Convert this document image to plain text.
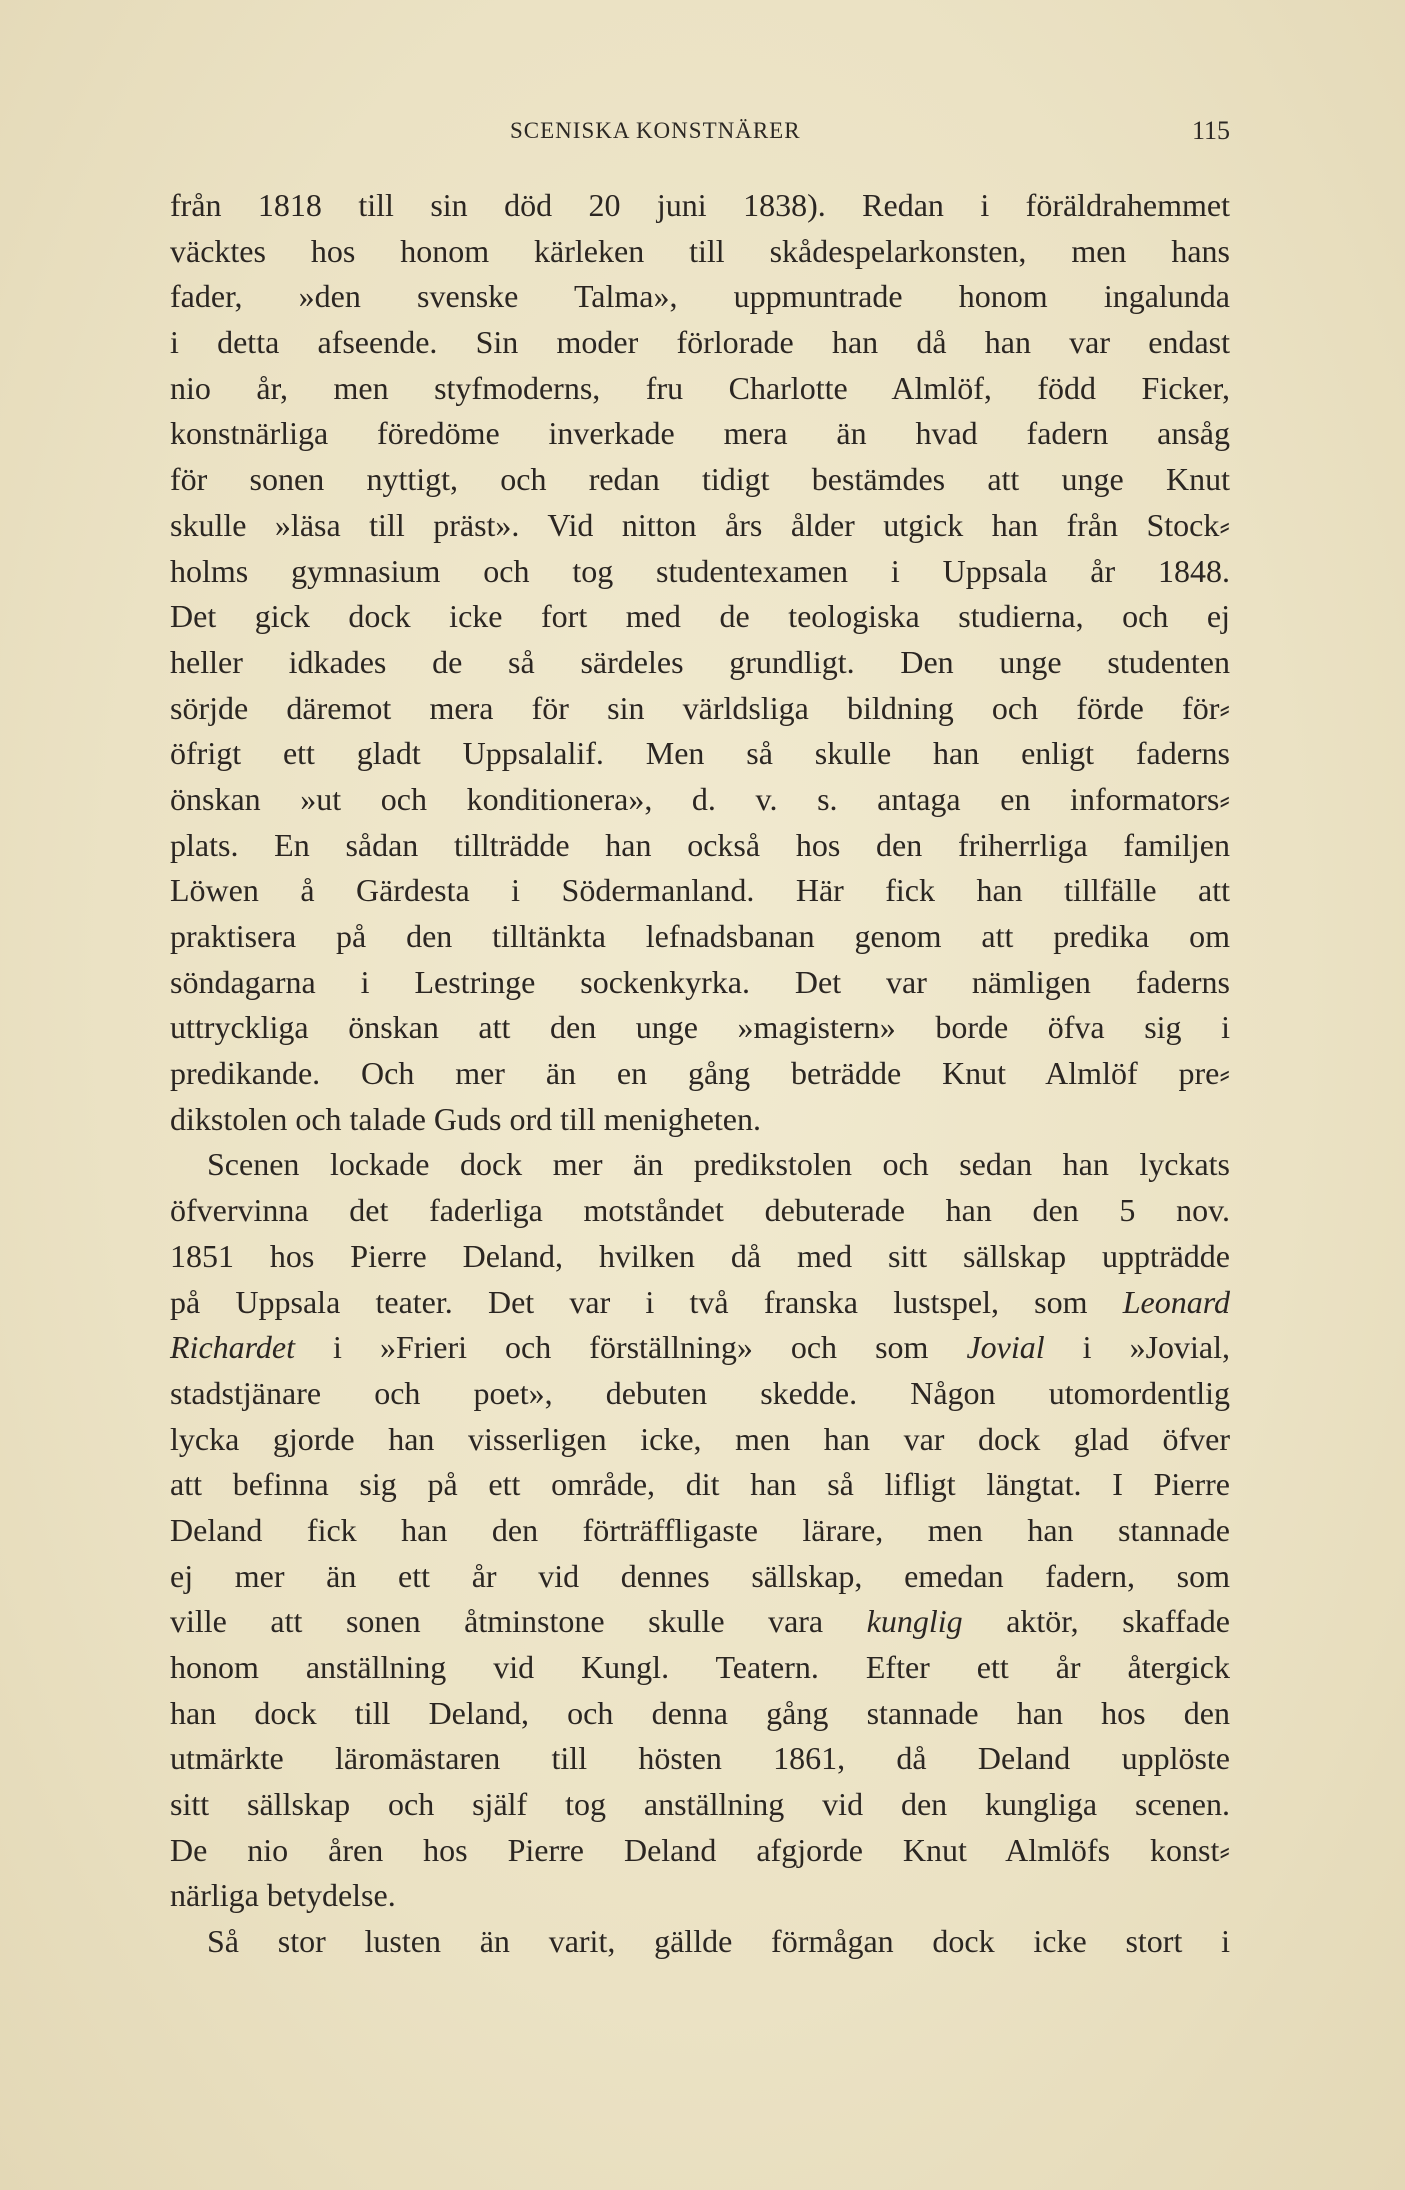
SCENISKA KONSTNÄRER	115

från 1818 till sin död 20 juni 1838). Redan i föräldrahemmet
väcktes hos honom kärleken till skådespelarkonsten, men hans
fader, »den svenske Talma», uppmuntrade honom ingalunda
i detta afseende. Sin moder förlorade han då han var endast
nio år, men styfmoderns, fru Charlotte Almlöf, född Ficker,
konstnärliga föredöme inverkade mera än hvad fadern ansåg
för sonen nyttigt, och redan tidigt bestämdes att unge Knut
skulle »läsa till präst». Vid nitton års ålder utgick han från Stock⸗
holms gymnasium och tog studentexamen i Uppsala år 1848.
Det gick dock icke fort med de teologiska studierna, och ej
heller idkades de så särdeles grundligt. Den unge studenten
sörjde däremot mera för sin världsliga bildning och förde för⸗
öfrigt ett gladt Uppsalalif. Men så skulle han enligt faderns
önskan »ut och konditionera», d. v. s. antaga en informators⸗
plats. En sådan tillträdde han också hos den friherrliga familjen
Löwen å Gärdesta i Södermanland. Här fick han tillfälle att
praktisera på den tilltänkta lefnadsbanan genom att predika om
söndagarna i Lestringe sockenkyrka. Det var nämligen faderns
uttryckliga önskan att den unge »magistern» borde öfva sig i
predikande. Och mer än en gång beträdde Knut Almlöf pre⸗
dikstolen och talade Guds ord till menigheten.

Scenen lockade dock mer än predikstolen och sedan han lyckats
öfvervinna det faderliga motståndet debuterade han den 5 nov.
1851 hos Pierre Deland, hvilken då med sitt sällskap uppträdde
på Uppsala teater. Det var i två franska lustspel, som Leonard
Richardet i »Frieri och förställning» och som Jovial i »Jovial,
stadstjänare och poet», debuten skedde. Någon utomordentlig
lycka gjorde han visserligen icke, men han var dock glad öfver
att befinna sig på ett område, dit han så lifligt längtat. I Pierre
Deland fick han den förträffligaste lärare, men han stannade
ej mer än ett år vid dennes sällskap, emedan fadern, som
ville att sonen åtminstone skulle vara kunglig aktör, skaffade
honom anställning vid Kungl. Teatern. Efter ett år återgick
han dock till Deland, och denna gång stannade han hos den
utmärkte läromästaren till hösten 1861, då Deland upplöste
sitt sällskap och själf tog anställning vid den kungliga scenen.
De nio åren hos Pierre Deland afgjorde Knut Almlöfs konst⸗
närliga betydelse.

Så stor lusten än varit, gällde förmågan dock icke stort i
